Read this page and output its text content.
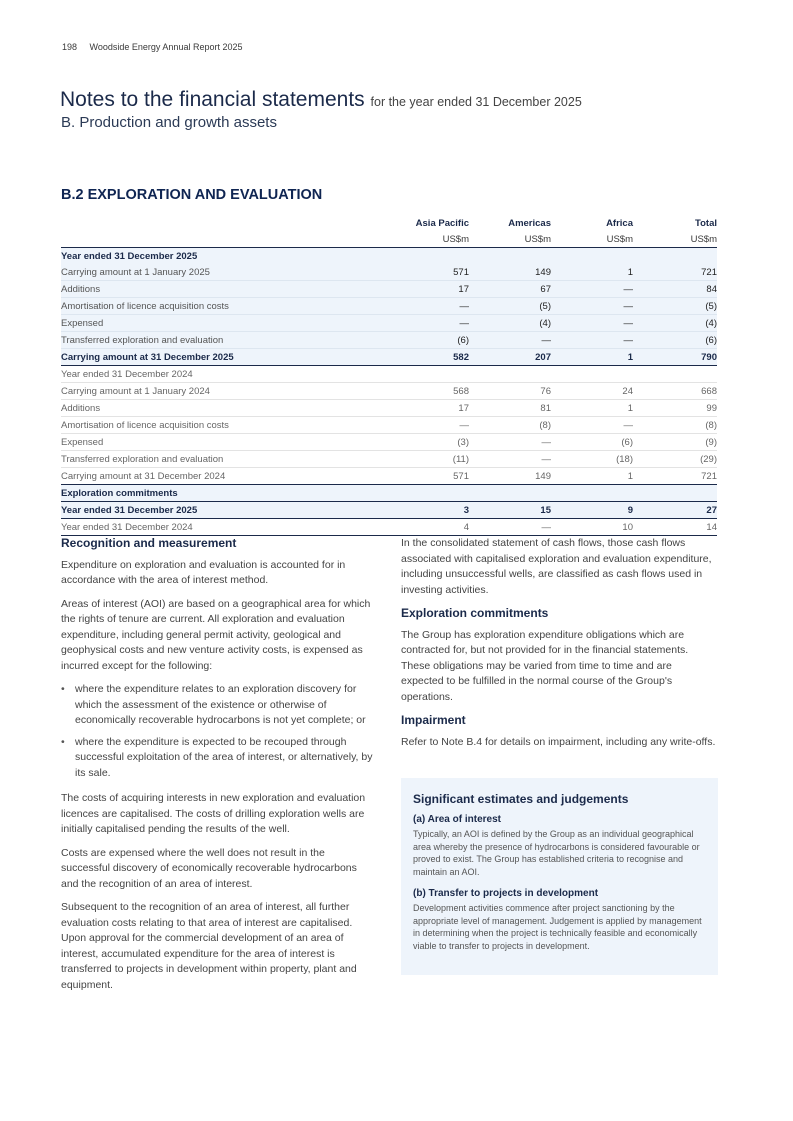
198 Woodside Energy Annual Report 2025
Notes to the financial statements for the year ended 31 December 2025
B. Production and growth assets
B.2 EXPLORATION AND EVALUATION
	Asia Pacific	Americas	Africa	Total
	US$m	US$m	US$m	US$m
Year ended 31 December 2025				
Carrying amount at 1 January 2025	571	149	1	721
Additions	17	67	—	84
Amortisation of licence acquisition costs	—	(5)	—	(5)
Expensed	—	(4)	—	(4)
Transferred exploration and evaluation	(6)	—	—	(6)
Carrying amount at 31 December 2025	582	207	1	790
Year ended 31 December 2024				
Carrying amount at 1 January 2024	568	76	24	668
Additions	17	81	1	99
Amortisation of licence acquisition costs	—	(8)	—	(8)
Expensed	(3)	—	(6)	(9)
Transferred exploration and evaluation	(11)	—	(18)	(29)
Carrying amount at 31 December 2024	571	149	1	721
Exploration commitments				
Year ended 31 December 2025	3	15	9	27
Year ended 31 December 2024	4	—	10	14
Recognition and measurement

Expenditure on exploration and evaluation is accounted for in accordance with the area of interest method.

Areas of interest (AOI) are based on a geographical area for which the rights of tenure are current. All exploration and evaluation expenditure, including general permit activity, geological and geophysical costs and new venture activity costs, is expensed as incurred except for the following:

• where the expenditure relates to an exploration discovery for which the assessment of the existence or otherwise of economically recoverable hydrocarbons is not yet complete; or
• where the expenditure is expected to be recouped through successful exploitation of the area of interest, or alternatively, by its sale.

The costs of acquiring interests in new exploration and evaluation licences are capitalised. The costs of drilling exploration wells are initially capitalised pending the results of the well.

Costs are expensed where the well does not result in the successful discovery of economically recoverable hydrocarbons and the recognition of an area of interest.

Subsequent to the recognition of an area of interest, all further evaluation costs relating to that area of interest are capitalised. Upon approval for the commercial development of an area of interest, accumulated expenditure for the area of interest is transferred to projects in development within property, plant and equipment.

In the consolidated statement of cash flows, those cash flows associated with capitalised exploration and evaluation expenditure, including unsuccessful wells, are classified as cash flows used in investing activities.

Exploration commitments

The Group has exploration expenditure obligations which are contracted for, but not provided for in the financial statements. These obligations may be varied from time to time and are expected to be fulfilled in the normal course of the Group's operations.

Impairment

Refer to Note B.4 for details on impairment, including any write-offs.

Significant estimates and judgements
(a) Area of interest

Typically, an AOI is defined by the Group as an individual geographical area whereby the presence of hydrocarbons is considered favourable or proved to exist. The Group has established criteria to recognise and maintain an AOI.

(b) Transfer to projects in development

Development activities commence after project sanctioning by the appropriate level of management. Judgement is applied by management in determining when the project is technically feasible and economically viable to transfer to projects in development.
